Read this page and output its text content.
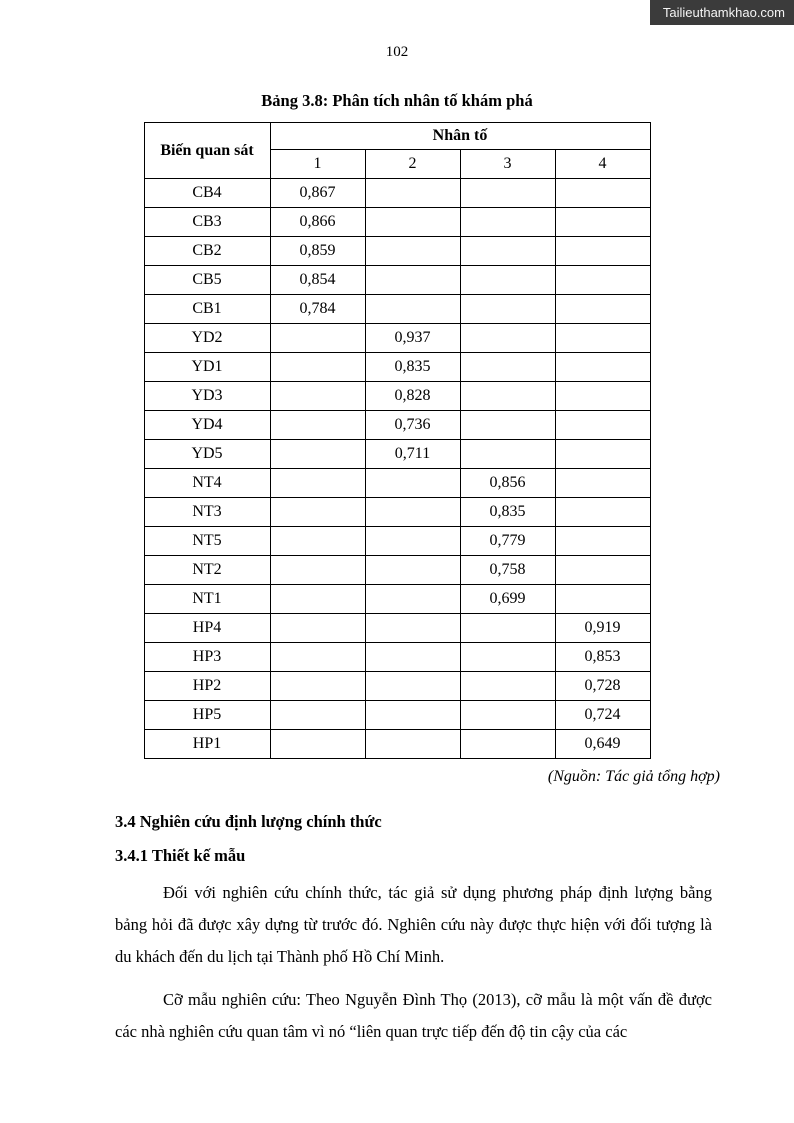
Tailieuthamkhao.com
102
Bảng 3.8: Phân tích nhân tố khám phá
Biến quan sát	Nhân tố			
	1	2	3	4
CB4	0,867			
CB3	0,866			
CB2	0,859			
CB5	0,854			
CB1	0,784			
YD2		0,937		
YD1		0,835		
YD3		0,828		
YD4		0,736		
YD5		0,711		
NT4			0,856	
NT3			0,835	
NT5			0,779	
NT2			0,758	
NT1			0,699	
HP4				0,919
HP3				0,853
HP2				0,728
HP5				0,724
HP1				0,649
(Nguồn: Tác giả tổng hợp)
3.4 Nghiên cứu định lượng chính thức
3.4.1 Thiết kế mẫu

Đối với nghiên cứu chính thức, tác giả sử dụng phương pháp định lượng bằng bảng hỏi đã được xây dựng từ trước đó. Nghiên cứu này được thực hiện với đối tượng là du khách đến du lịch tại Thành phố Hồ Chí Minh.

Cỡ mẫu nghiên cứu: Theo Nguyễn Đình Thọ (2013), cỡ mẫu là một vấn đề được các nhà nghiên cứu quan tâm vì nó “liên quan trực tiếp đến độ tin cậy của các
